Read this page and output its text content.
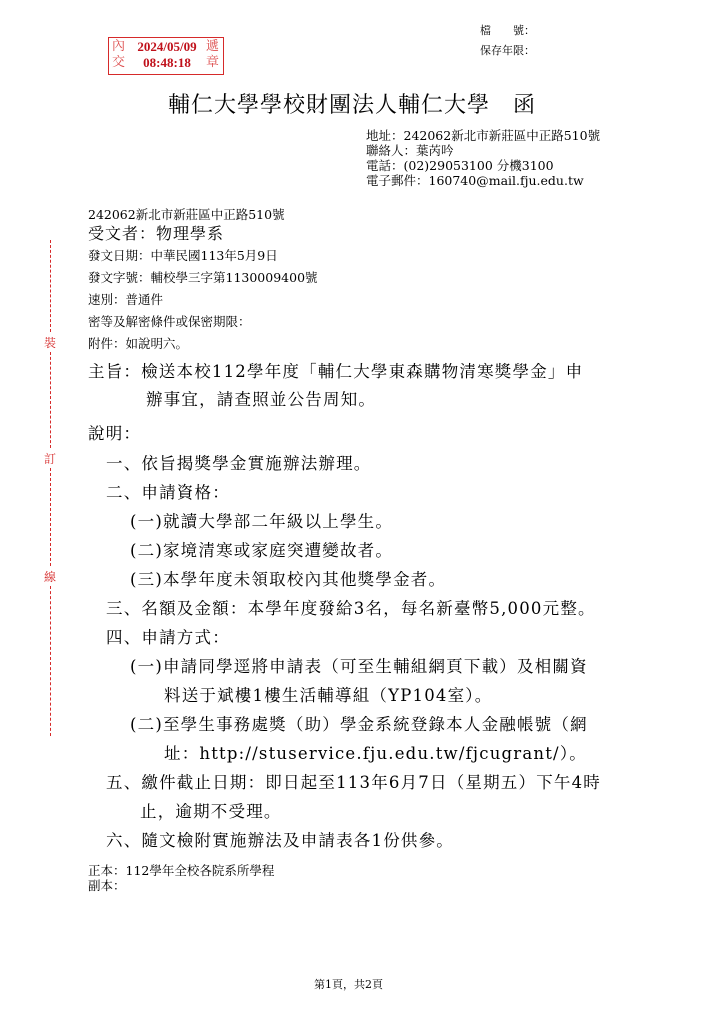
檔　　號：
保存年限：
內
交
遞
章
2024/05/09
08:48:18
輔仁大學學校財團法人輔仁大學　函
地址：242062新北市新莊區中正路510號
聯絡人：葉芮吟
電話：(02)29053100 分機3100
電子郵件：160740@mail.fju.edu.tw
242062新北市新莊區中正路510號
受文者：物理學系
發文日期：中華民國113年5月9日
發文字號：輔校學三字第1130009400號
速別：普通件
密等及解密條件或保密期限：
附件：如說明六。
主旨：檢送本校112學年度「輔仁大學東森購物清寒獎學金」申
辦事宜，請查照並公告周知。
說明：
一、依旨揭獎學金實施辦法辦理。
二、申請資格：
(一)就讀大學部二年級以上學生。
(二)家境清寒或家庭突遭變故者。
(三)本學年度未領取校內其他獎學金者。
三、名額及金額：本學年度發給3名，每名新臺幣5,000元整。
四、申請方式：
(一)申請同學逕將申請表（可至生輔組網頁下載）及相關資
料送于斌樓1樓生活輔導組（YP104室）。
(二)至學生事務處獎（助）學金系統登錄本人金融帳號（網
址：http://stuservice.fju.edu.tw/fjcugrant/）。
五、繳件截止日期：即日起至113年6月7日（星期五）下午4時
止，逾期不受理。
六、隨文檢附實施辦法及申請表各1份供參。
正本：112學年全校各院系所學程
副本：
裝
訂
線
第1頁，共2頁
